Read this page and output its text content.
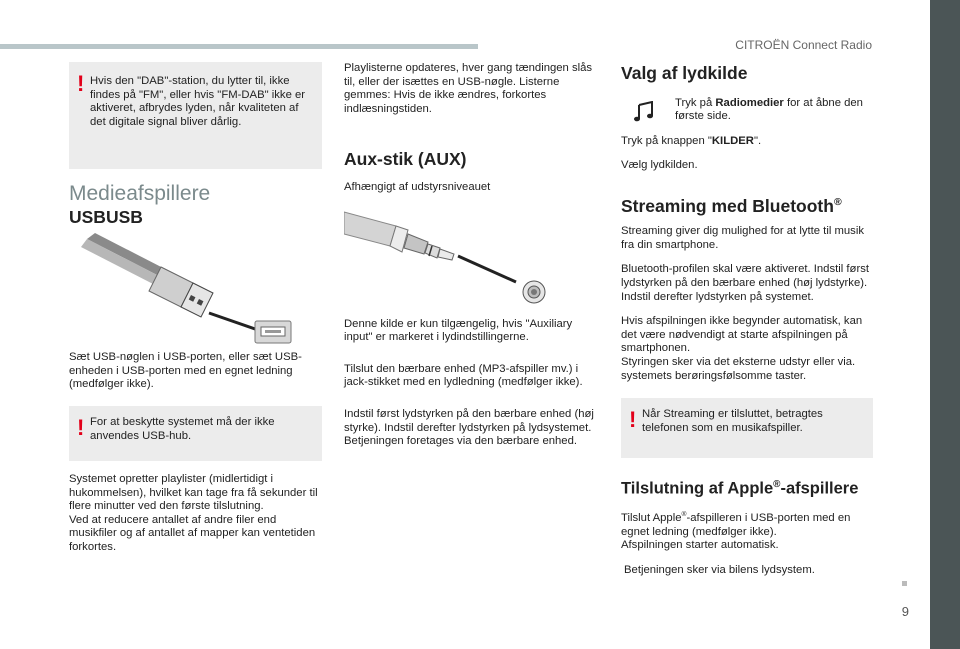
CITROËN Connect Radio
9
! Hvis den "DAB"-station, du lytter til, ikke findes på "FM", eller hvis "FM-DAB" ikke er aktiveret, afbrydes lyden, når kvaliteten af det digitale signal bliver dårlig.
Medieafspillere
USBUSB

Sæt USB-nøglen i USB-porten, eller sæt USB-enheden i USB-porten med en egnet ledning (medfølger ikke).

! For at beskytte systemet må der ikke anvendes USB-hub.

Systemet opretter playlister (midlertidigt i hukommelsen), hvilket kan tage fra få sekunder til flere minutter ved den første tilslutning.
Ved at reducere antallet af andre filer end musikfiler og af antallet af mapper kan ventetiden forkortes.

Playlisterne opdateres, hver gang tændingen slås til, eller der isættes en USB-nøgle. Listerne gemmes: Hvis de ikke ændres, forkortes indlæsningstiden.

Aux-stik (AUX)

Afhængigt af udstyrsniveauet

Denne kilde er kun tilgængelig, hvis "Auxiliary input" er markeret i lydindstillingerne.

Tilslut den bærbare enhed (MP3-afspiller mv.) i jack-stikket med en lydledning (medfølger ikke).

Indstil først lydstyrken på den bærbare enhed (høj styrke). Indstil derefter lydstyrken på lydsystemet.
Betjeningen foretages via den bærbare enhed.

Valg af lydkilde
Tryk på Radiomedier for at åbne den første side.

Tryk på knappen "KILDER".

Vælg lydkilden.

Streaming med Bluetooth®

Streaming giver dig mulighed for at lytte til musik fra din smartphone.

Bluetooth-profilen skal være aktiveret. Indstil først lydstyrken på den bærbare enhed (høj lydstyrke).
Indstil derefter lydstyrken på systemet.

Hvis afspilningen ikke begynder automatisk, kan det være nødvendigt at starte afspilningen på smartphonen.
Styringen sker via det eksterne udstyr eller via. systemets berøringsfølsomme taster.

! Når Streaming er tilsluttet, betragtes telefonen som en musikafspiller.
Tilslutning af Apple®-afspillere

Tilslut Apple®-afspilleren i USB-porten med en egnet ledning (medfølger ikke).
Afspilningen starter automatisk.

Betjeningen sker via bilens lydsystem.
